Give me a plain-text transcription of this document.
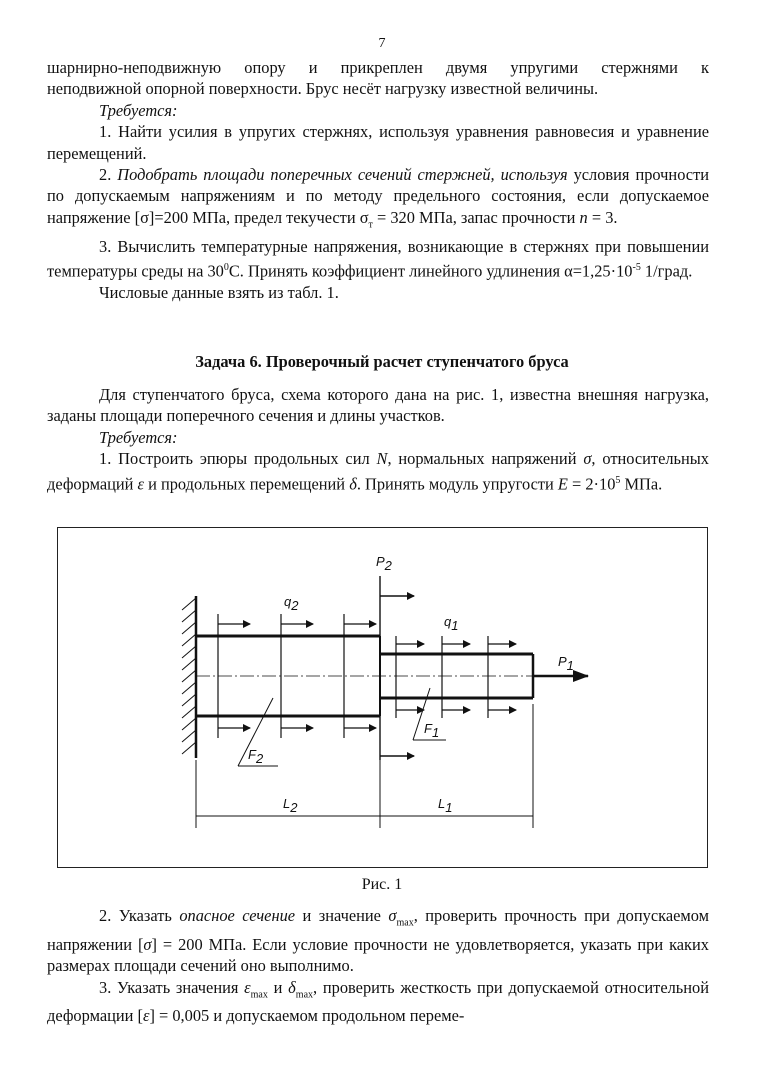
7

шарнирно-неподвижную опору и прикреплен двумя упругими стержнями к

неподвижной опорной поверхности. Брус несёт нагрузку известной величины.

Требуется:

1. Найти усилия в упругих стержнях, используя уравнения равновесия и уравнение перемещений.

2. Подобрать площади поперечных сечений стержней, используя условия прочности по допускаемым напряжениям и по методу предельного состояния, если допускаемое напряжение [σ]=200 МПа, предел текучести $\sigma_т = 320$ МПа, запас прочности n = 3.

3. Вычислить температурные напряжения, возникающие в стержнях при повышении температуры среды на $30^0С$. Принять коэффициент линейного удлинения $\alpha=1,25\cdot 10^{-5}$ 1/град.

Числовые данные взять из табл. 1.

Задача 6. Проверочный расчет ступенчатого бруса

Для ступенчатого бруса, схема которого дана на рис. 1, известна внешняя нагрузка, заданы площади поперечного сечения и длины участков.

Требуется:

1. Построить эпюры продольных сил N, нормальных напряжений σ, относительных деформаций ε и продольных перемещений δ. Принять модуль упругости $E = 2\cdot 10^5$ МПа.

P2
q2
q1
P1
F1
F2
L2	L1
Рис. 1

2. Указать опасное сечение и значение $\sigma_{max}$, проверить прочность при допускаемом напряжении [σ] = 200 МПа. Если условие прочности не удовлетворяется, указать при каких размерах площади сечений оно выполнимо.

3. Указать значения $\varepsilon_{max}$ и $\delta_{max}$, проверить жесткость при допускаемой относительной деформации [ε] = 0,005 и допускаемом продольном переме-
